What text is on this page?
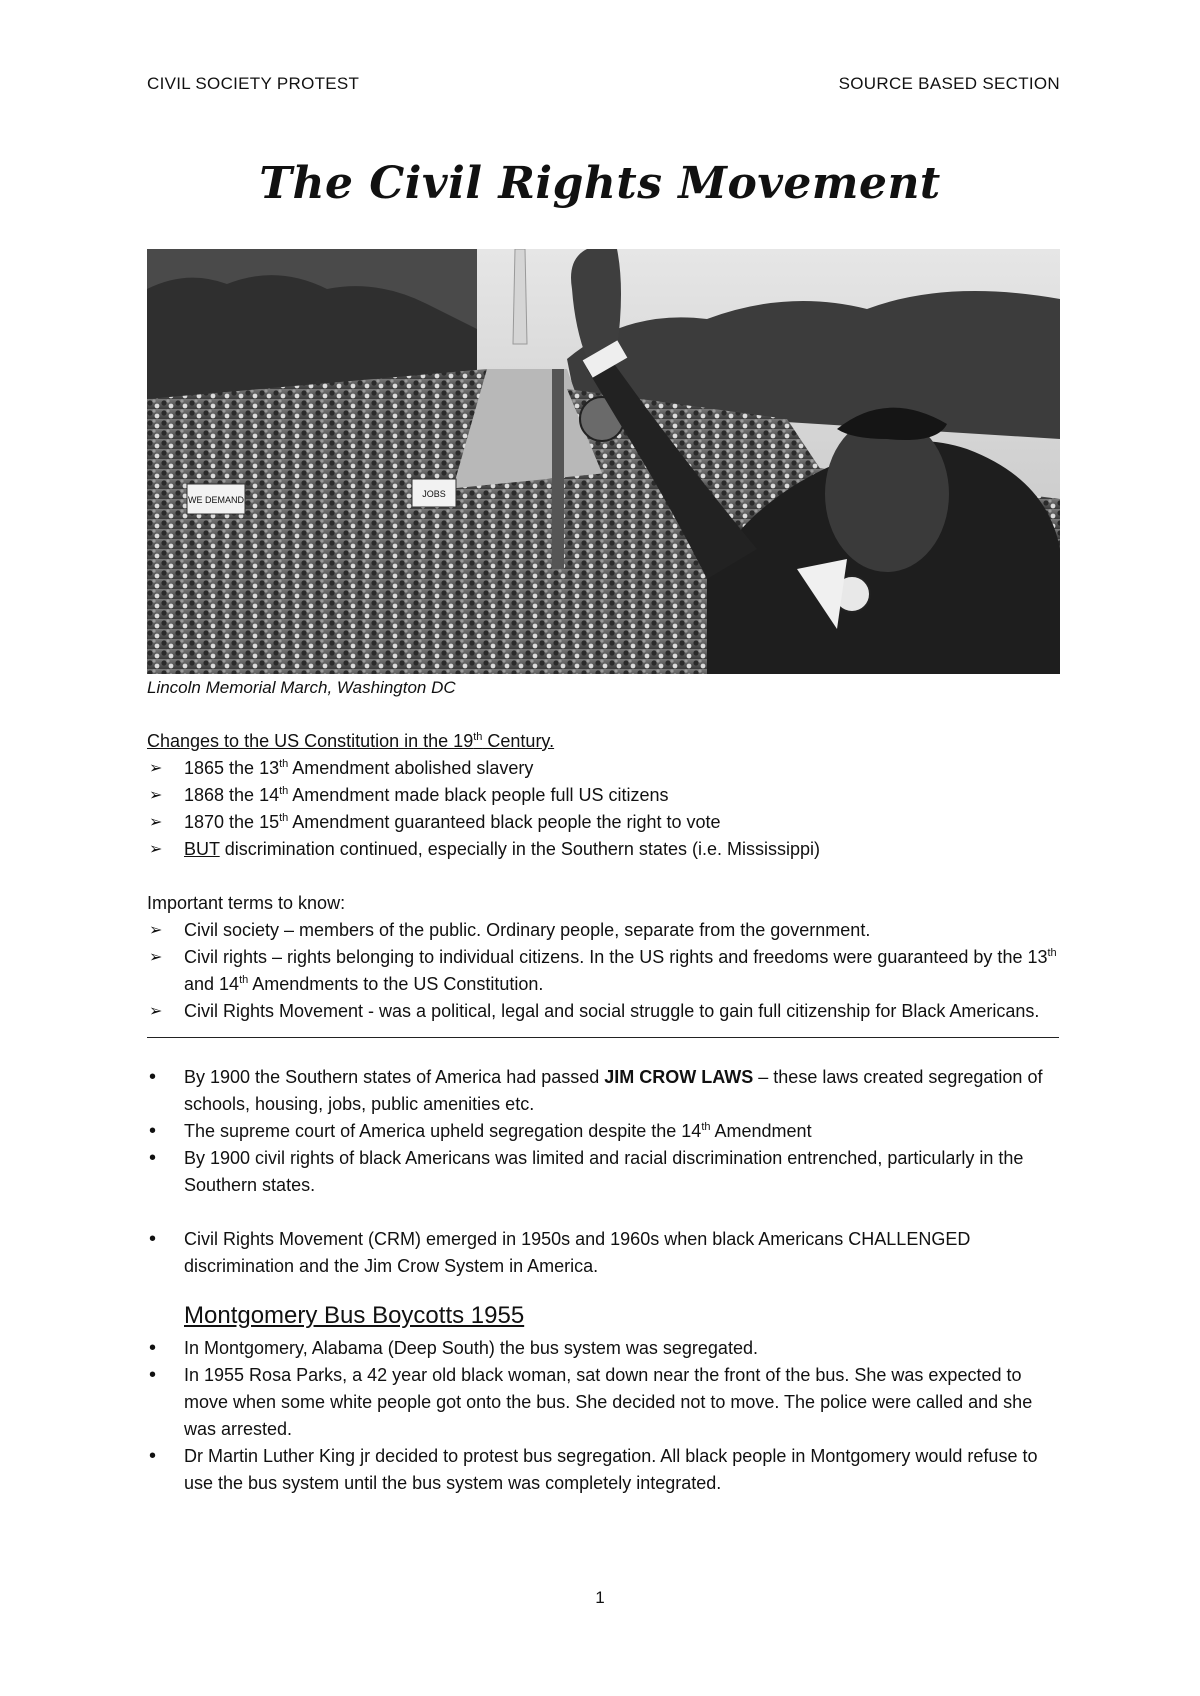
CIVIL SOCIETY PROTEST	SOURCE BASED SECTION
The Civil Rights Movement
WE DEMAND
JOBS
Lincoln Memorial March, Washington DC

Changes to the US Constitution in the 19th Century.

➢ 1865 the 13th Amendment abolished slavery
➢ 1868 the 14th Amendment made black people full US citizens
➢ 1870 the 15th Amendment guaranteed black people the right to vote
➢ BUT discrimination continued, especially in the Southern states (i.e. Mississippi)

Important terms to know:

➢ Civil society – members of the public. Ordinary people, separate from the government.
➢ Civil rights – rights belonging to individual citizens. In the US rights and freedoms were guaranteed by the 13th and 14th Amendments to the US Constitution.
➢ Civil Rights Movement - was a political, legal and social struggle to gain full citizenship for Black Americans.
• By 1900 the Southern states of America had passed JIM CROW LAWS – these laws created segregation of schools, housing, jobs, public amenities etc.
• The supreme court of America upheld segregation despite the 14th Amendment
• By 1900 civil rights of black Americans was limited and racial discrimination entrenched, particularly in the Southern states.
• Civil Rights Movement (CRM) emerged in 1950s and 1960s when black Americans CHALLENGED discrimination and the Jim Crow System in America.
Montgomery Bus Boycotts 1955
• In Montgomery, Alabama (Deep South) the bus system was segregated.
• In 1955 Rosa Parks, a 42 year old black woman, sat down near the front of the bus. She was expected to move when some white people got onto the bus. She decided not to move. The police were called and she was arrested.
• Dr Martin Luther King jr decided to protest bus segregation. All black people in Montgomery would refuse to use the bus system until the bus system was completely integrated.
1
